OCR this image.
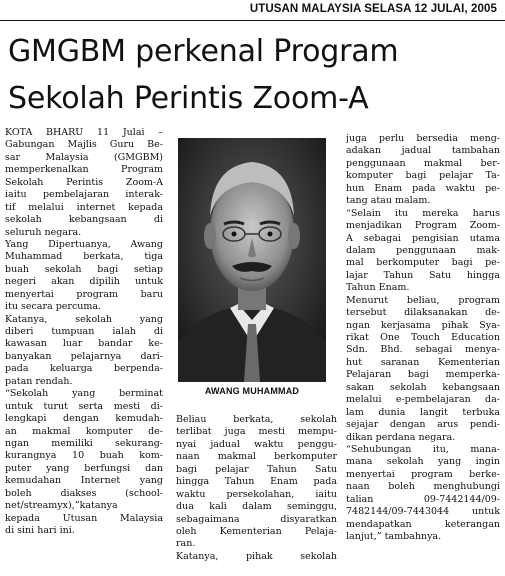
UTUSAN MALAYSIA SELASA 12 JULAI, 2005
GMGBM perkenal Program
Sekolah Perintis Zoom-A
KOTA BHARU 11 Julai –
Gabungan Majlis Guru Be-
sar Malaysia (GMGBM)
memperkenalkan Program
Sekolah Perintis Zoom-A
iaitu pembelajaran interak-
tif melalui internet kepada
sekolah kebangsaan di
seluruh negara.
Yang Dipertuanya, Awang
Muhammad berkata, tiga
buah sekolah bagi setiap
negeri akan dipilih untuk
menyertai program baru
itu secara percuma.
Katanya, sekolah yang
diberi tumpuan ialah di
kawasan luar bandar ke-
banyakan pelajarnya dari-
pada keluarga berpenda-
patan rendah.
“Sekolah yang berminat
untuk turut serta mesti di-
lengkapi dengan kemudah-
an makmal komputer de-
ngan memiliki sekurang-
kurangnya 10 buah kom-
puter yang berfungsi dan
kemudahan Internet yang
boleh diakses (school-
net/streamyx),”katanya
kepada Utusan Malaysia
di sini hari ini.
AWANG MUHAMMAD
Beliau berkata, sekolah
terlibat juga mesti mempu-
nyai jadual waktu penggu-
naan makmal berkomputer
bagi pelajar Tahun Satu
hingga Tahun Enam pada
waktu persekolahan, iaitu
dua kali dalam seminggu,
sebagaimana disyaratkan
oleh Kementerian Pelaja-
ran.
Katanya, pihak sekolah
juga perlu bersedia meng-
adakan jadual tambahan
penggunaan makmal ber-
komputer bagi pelajar Ta-
hun Enam pada waktu pe-
tang atau malam.
“Selain itu mereka harus
menjadikan Program Zoom-
A sebagai pengisian utama
dalam penggunaan mak-
mal berkomputer bagi pe-
lajar Tahun Satu hingga
Tahun Enam.
Menurut beliau, program
tersebut dilaksanakan de-
ngan kerjasama pihak Sya-
rikat One Touch Education
Sdn. Bhd. sebagai menya-
hut saranan Kementerian
Pelajaran bagi memperka-
sakan sekolah kebangsaan
melalui e-pembelajaran da-
lam dunia langit terbuka
sejajar dengan arus pendi-
dikan perdana negara.
“Sehubungan itu, mana-
mana sekolah yang ingin
menyertai program berke-
naan boleh menghubungi
talian 09-7442144/09-
7482144/09-7443044 untuk
mendapatkan keterangan
lanjut,” tambahnya.
